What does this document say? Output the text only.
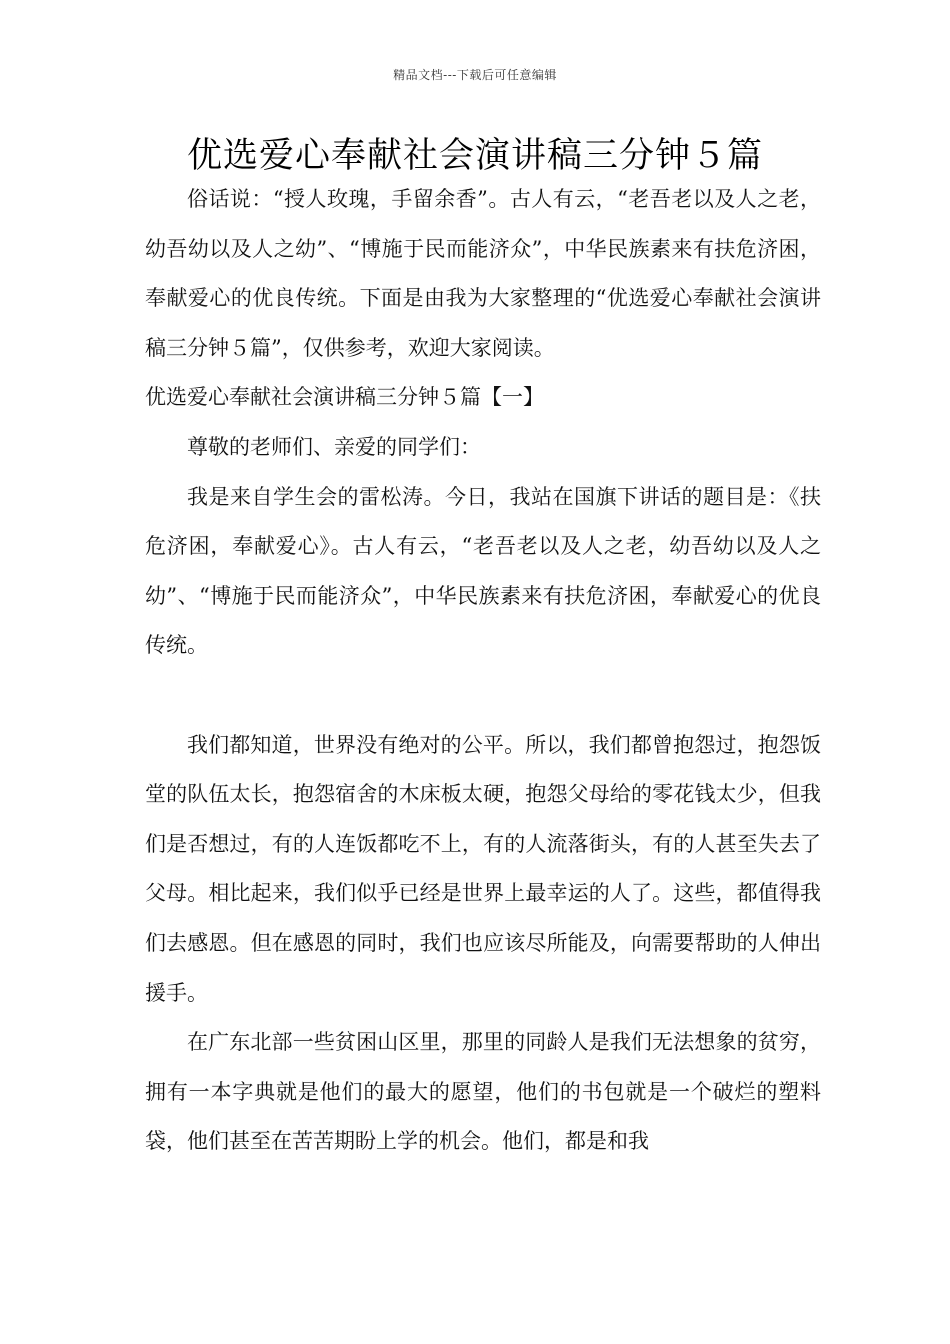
精品文档---下载后可任意编辑
优选爱心奉献社会演讲稿三分钟５篇

俗话说：“授人玫瑰，手留余香”。古人有云，“老吾老以及人之老，幼吾幼以及人之幼”、“博施于民而能济众”，中华民族素来有扶危济困，奉献爱心的优良传统。下面是由我为大家整理的“优选爱心奉献社会演讲稿三分钟５篇”，仅供参考，欢迎大家阅读。

优选爱心奉献社会演讲稿三分钟５篇【一】

尊敬的老师们、亲爱的同学们：

我是来自学生会的雷松涛。今日，我站在国旗下讲话的题目是：《扶危济困，奉献爱心》。古人有云，“老吾老以及人之老，幼吾幼以及人之幼”、“博施于民而能济众”，中华民族素来有扶危济困，奉献爱心的优良传统。

我们都知道，世界没有绝对的公平。所以，我们都曾抱怨过，抱怨饭堂的队伍太长，抱怨宿舍的木床板太硬，抱怨父母给的零花钱太少，但我们是否想过，有的人连饭都吃不上，有的人流落街头，有的人甚至失去了父母。相比起来，我们似乎已经是世界上最幸运的人了。这些，都值得我们去感恩。但在感恩的同时，我们也应该尽所能及，向需要帮助的人伸出援手。

在广东北部一些贫困山区里，那里的同龄人是我们无法想象的贫穷，拥有一本字典就是他们的最大的愿望，他们的书包就是一个破烂的塑料袋，他们甚至在苦苦期盼上学的机会。他们，都是和我
